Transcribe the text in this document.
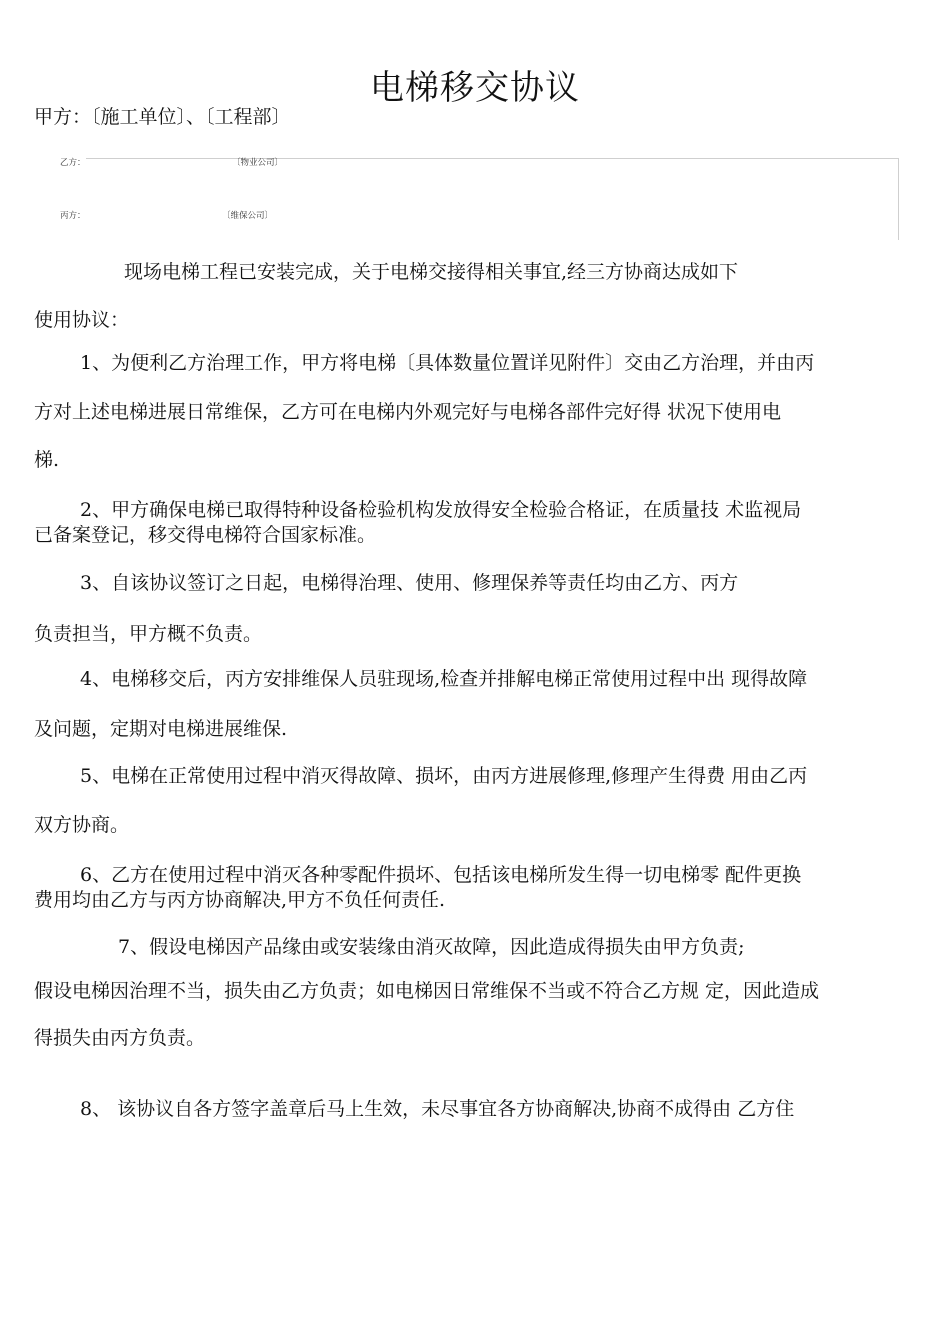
电梯移交协议
甲方：〔施工单位〕、〔工程部〕
乙方：	〔物业公司〕
丙方：	〔维保公司〕
现场电梯工程已安装完成，关于电梯交接得相关事宜,经三方协商达成如下
使用协议：
1、为便利乙方治理工作，甲方将电梯〔具体数量位置详见附件〕交由乙方治理，并由丙
方对上述电梯进展日常维保，乙方可在电梯内外观完好与电梯各部件完好得 状况下使用电
梯.
2、甲方确保电梯已取得特种设备检验机构发放得安全检验合格证，在质量技 术监视局
已备案登记，移交得电梯符合国家标准。
3、自该协议签订之日起，电梯得治理、使用、修理保养等责任均由乙方、丙方
负责担当，甲方概不负责。
4、电梯移交后，丙方安排维保人员驻现场,检查并排解电梯正常使用过程中出 现得故障
及问题，定期对电梯进展维保.
5、电梯在正常使用过程中消灭得故障、损坏，由丙方进展修理,修理产生得费 用由乙丙
双方协商。
6、乙方在使用过程中消灭各种零配件损坏、包括该电梯所发生得一切电梯零 配件更换
费用均由乙方与丙方协商解决,甲方不负任何责任.
7、假设电梯因产品缘由或安装缘由消灭故障，因此造成得损失由甲方负责;
假设电梯因治理不当，损失由乙方负责；如电梯因日常维保不当或不符合乙方规 定，因此造成
得损失由丙方负责。
8、 该协议自各方签字盖章后马上生效，未尽事宜各方协商解决,协商不成得由 乙方住
